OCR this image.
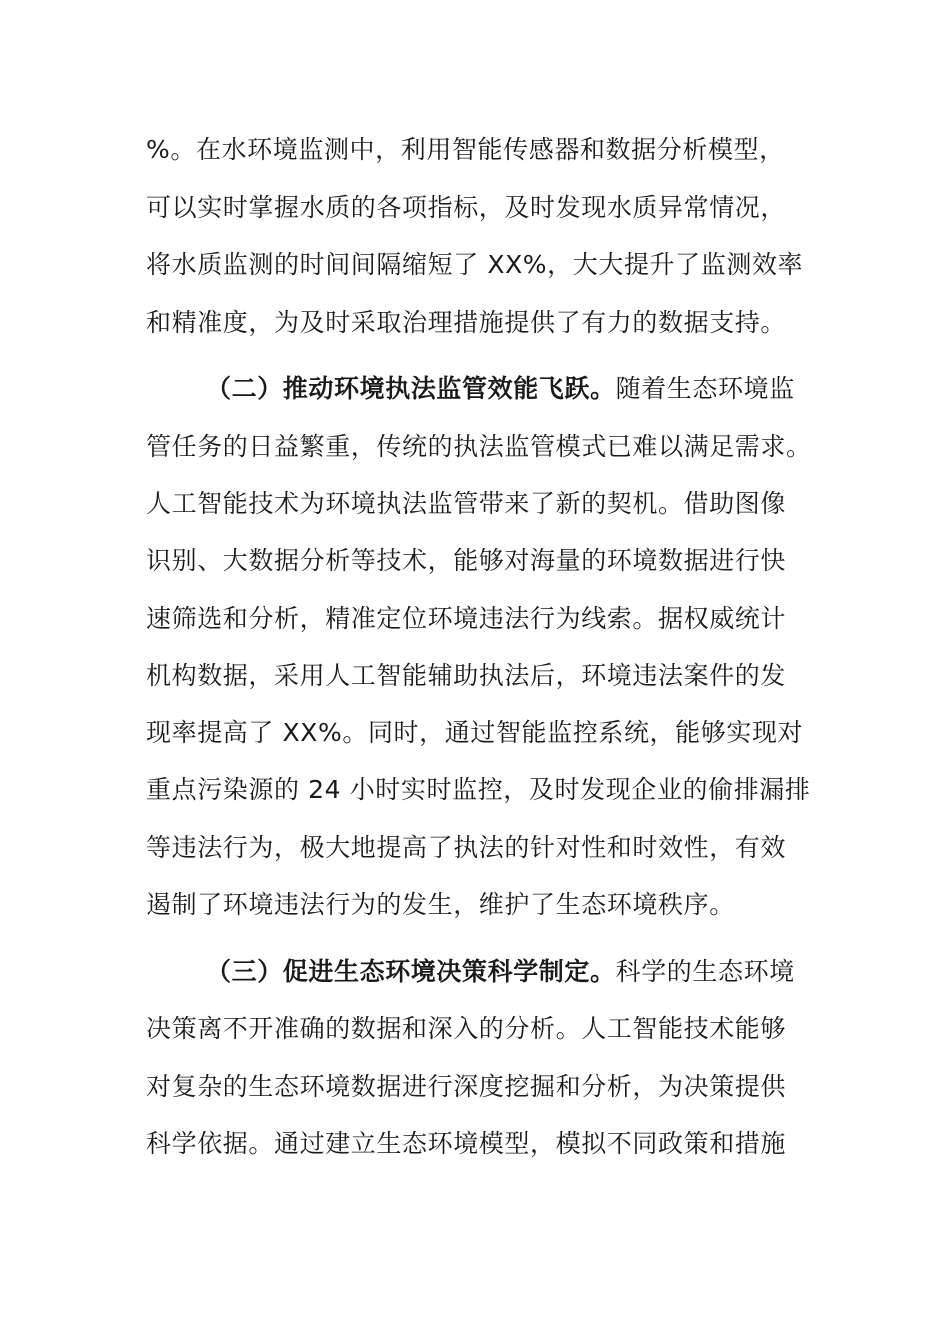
%。在水环境监测中，利用智能传感器和数据分析模型，
可以实时掌握水质的各项指标，及时发现水质异常情况，
将水质监测的时间间隔缩短了 XX%，大大提升了监测效率
和精准度，为及时采取治理措施提供了有力的数据支持。
（二）推动环境执法监管效能飞跃。随着生态环境监
管任务的日益繁重，传统的执法监管模式已难以满足需求。
人工智能技术为环境执法监管带来了新的契机。借助图像
识别、大数据分析等技术，能够对海量的环境数据进行快
速筛选和分析，精准定位环境违法行为线索。据权威统计
机构数据，采用人工智能辅助执法后，环境违法案件的发
现率提高了 XX%。同时，通过智能监控系统，能够实现对
重点污染源的 24 小时实时监控，及时发现企业的偷排漏排
等违法行为，极大地提高了执法的针对性和时效性，有效
遏制了环境违法行为的发生，维护了生态环境秩序。
（三）促进生态环境决策科学制定。科学的生态环境
决策离不开准确的数据和深入的分析。人工智能技术能够
对复杂的生态环境数据进行深度挖掘和分析，为决策提供
科学依据。通过建立生态环境模型，模拟不同政策和措施
